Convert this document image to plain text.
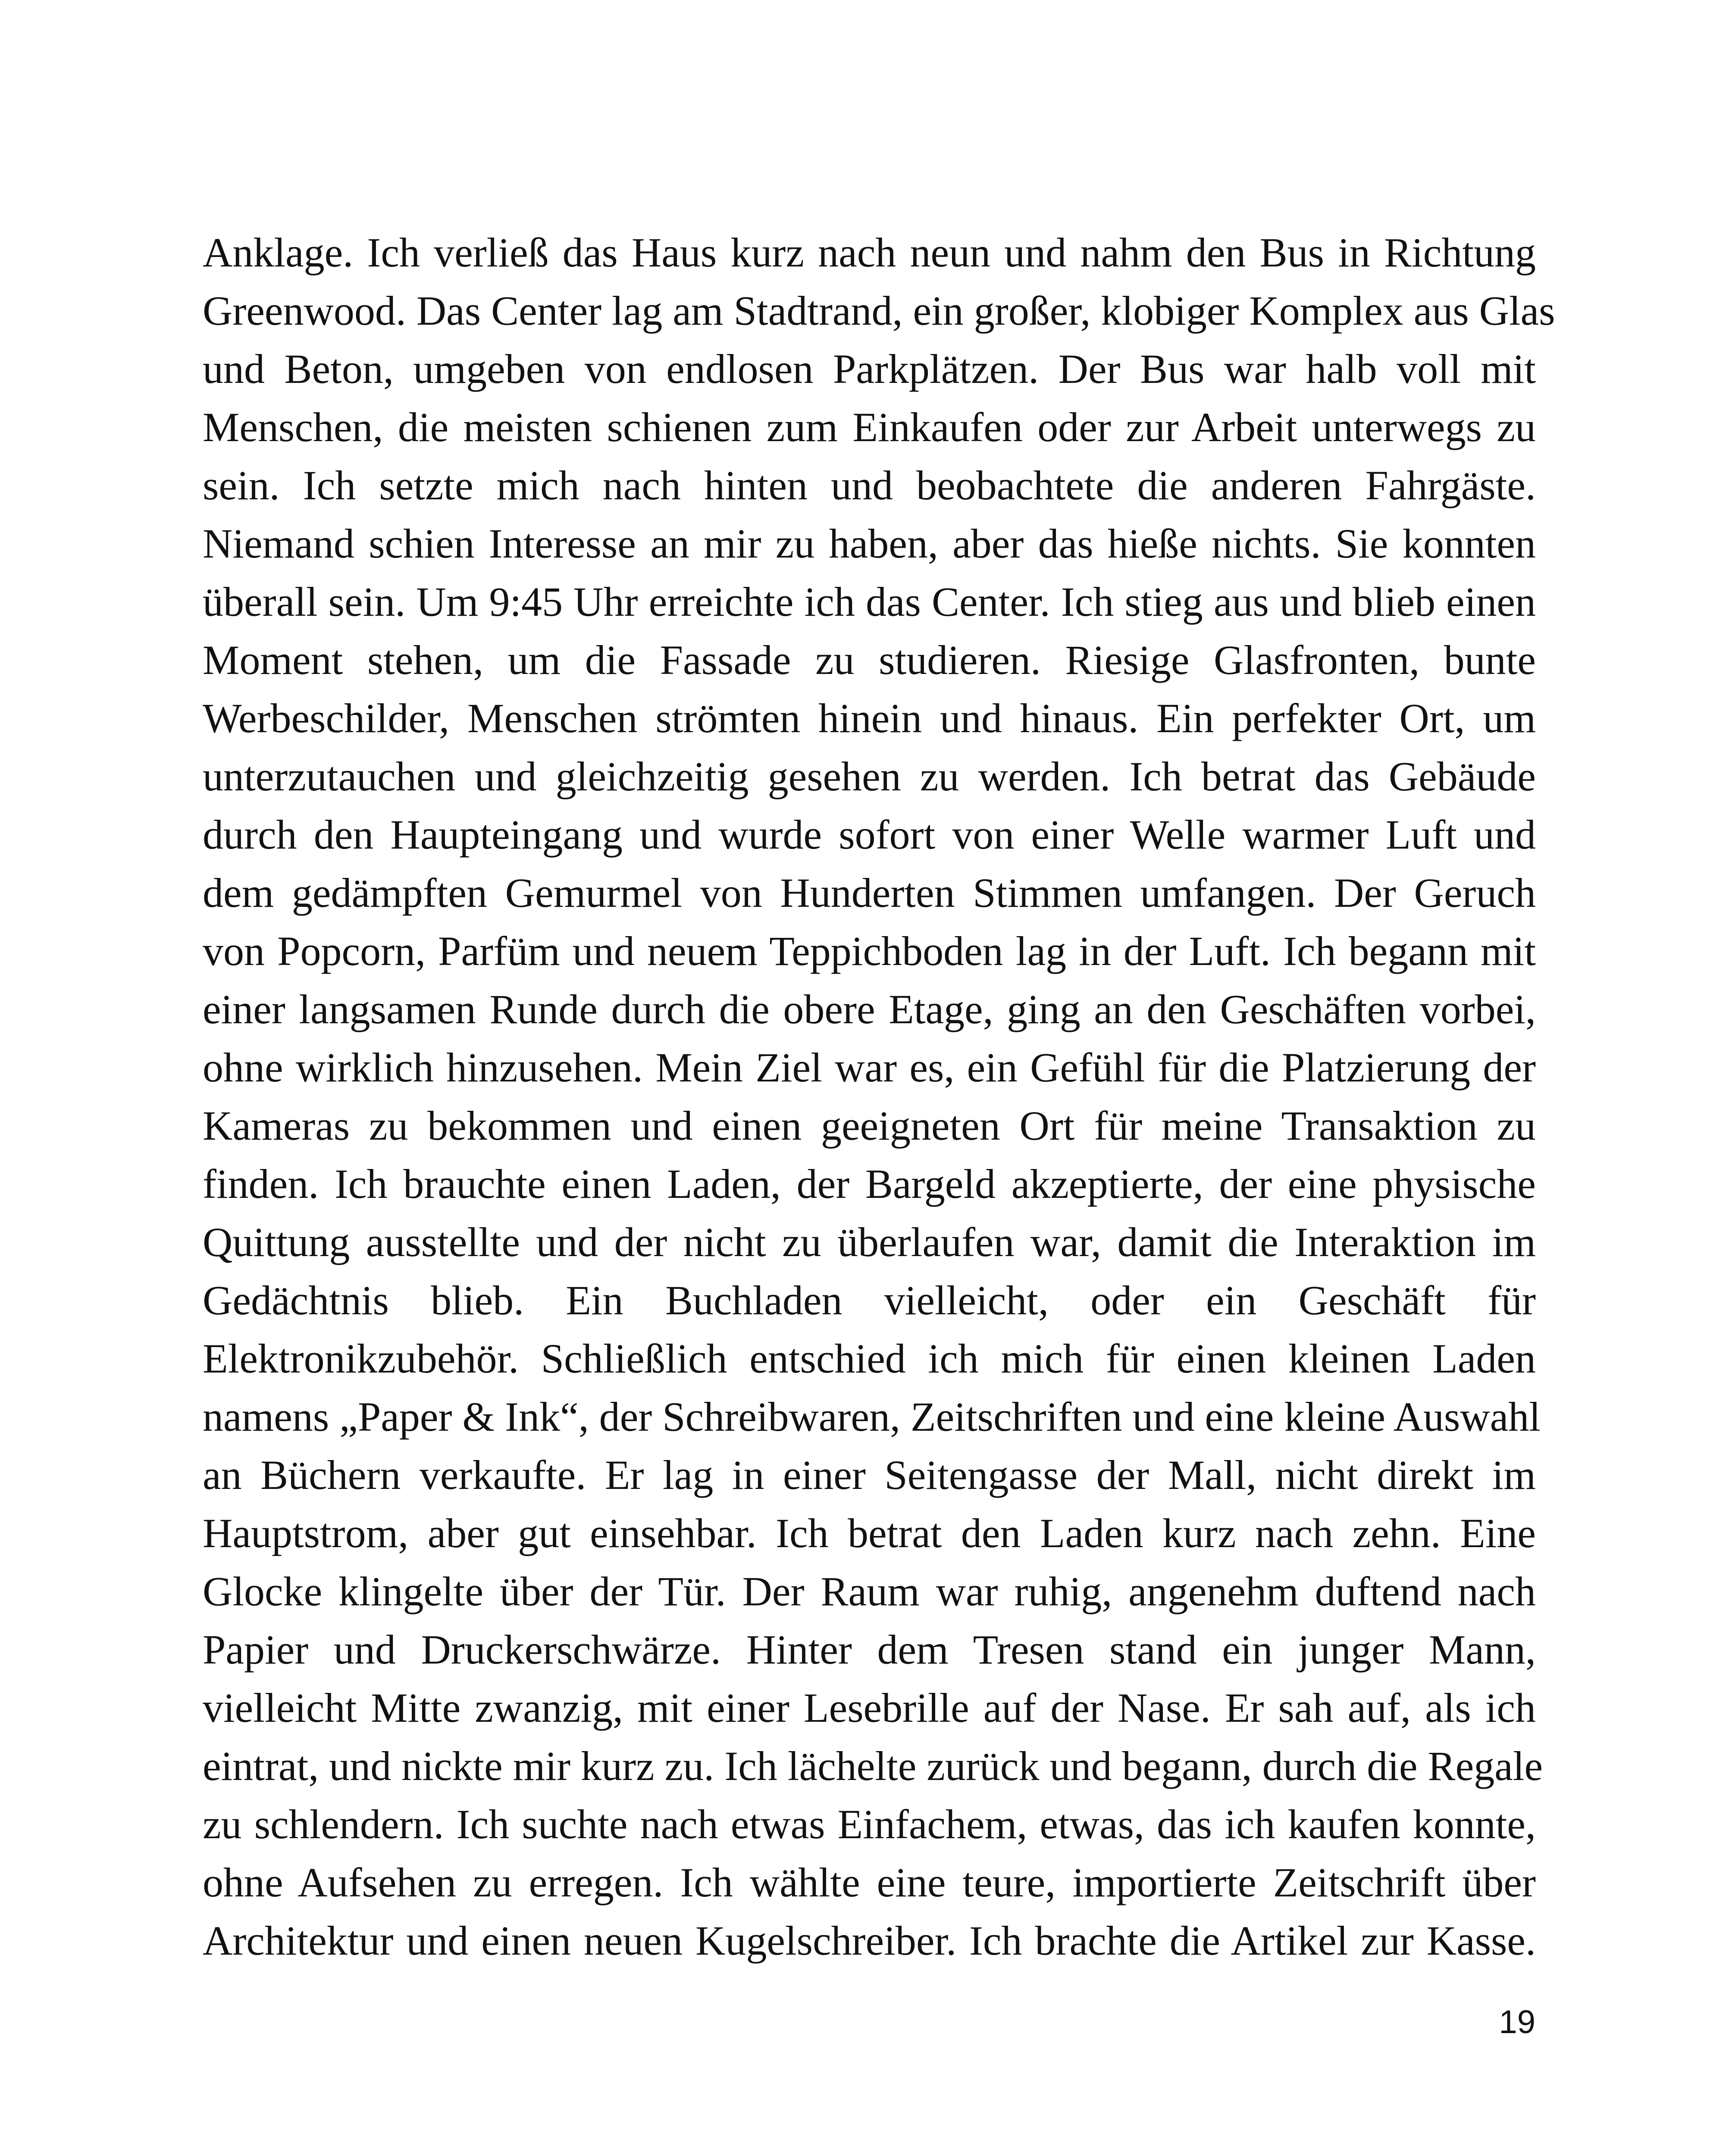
Anklage. Ich verließ das Haus kurz nach neun und nahm den Bus in Richtung
Greenwood. Das Center lag am Stadtrand, ein großer, klobiger Komplex aus Glas
und Beton, umgeben von endlosen Parkplätzen. Der Bus war halb voll mit
Menschen, die meisten schienen zum Einkaufen oder zur Arbeit unterwegs zu
sein. Ich setzte mich nach hinten und beobachtete die anderen Fahrgäste.
Niemand schien Interesse an mir zu haben, aber das hieße nichts. Sie konnten
überall sein. Um 9:45 Uhr erreichte ich das Center. Ich stieg aus und blieb einen
Moment stehen, um die Fassade zu studieren. Riesige Glasfronten, bunte
Werbeschilder, Menschen strömten hinein und hinaus. Ein perfekter Ort, um
unterzutauchen und gleichzeitig gesehen zu werden. Ich betrat das Gebäude
durch den Haupteingang und wurde sofort von einer Welle warmer Luft und
dem gedämpften Gemurmel von Hunderten Stimmen umfangen. Der Geruch
von Popcorn, Parfüm und neuem Teppichboden lag in der Luft. Ich begann mit
einer langsamen Runde durch die obere Etage, ging an den Geschäften vorbei,
ohne wirklich hinzusehen. Mein Ziel war es, ein Gefühl für die Platzierung der
Kameras zu bekommen und einen geeigneten Ort für meine Transaktion zu
finden. Ich brauchte einen Laden, der Bargeld akzeptierte, der eine physische
Quittung ausstellte und der nicht zu überlaufen war, damit die Interaktion im
Gedächtnis blieb. Ein Buchladen vielleicht, oder ein Geschäft für
Elektronikzubehör. Schließlich entschied ich mich für einen kleinen Laden
namens „Paper & Ink“, der Schreibwaren, Zeitschriften und eine kleine Auswahl
an Büchern verkaufte. Er lag in einer Seitengasse der Mall, nicht direkt im
Hauptstrom, aber gut einsehbar. Ich betrat den Laden kurz nach zehn. Eine
Glocke klingelte über der Tür. Der Raum war ruhig, angenehm duftend nach
Papier und Druckerschwärze. Hinter dem Tresen stand ein junger Mann,
vielleicht Mitte zwanzig, mit einer Lesebrille auf der Nase. Er sah auf, als ich
eintrat, und nickte mir kurz zu. Ich lächelte zurück und begann, durch die Regale
zu schlendern. Ich suchte nach etwas Einfachem, etwas, das ich kaufen konnte,
ohne Aufsehen zu erregen. Ich wählte eine teure, importierte Zeitschrift über
Architektur und einen neuen Kugelschreiber. Ich brachte die Artikel zur Kasse.
19
